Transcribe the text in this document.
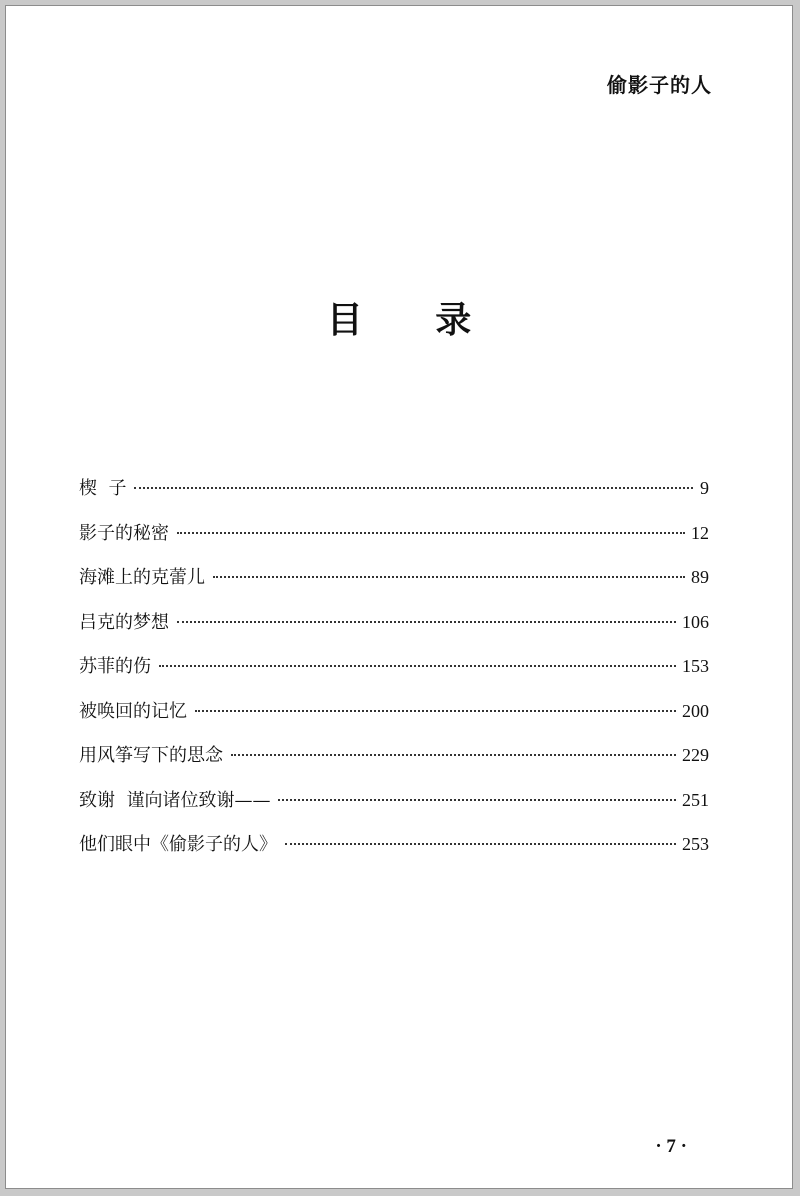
偷影子的人
目 录
楔  子	9
影子的秘密	12
海滩上的克蕾儿	89
吕克的梦想	106
苏菲的伤	153
被唤回的记忆	200
用风筝写下的思念	229
致谢  谨向诸位致谢——	251
他们眼中《偷影子的人》	253
· 7 ·
